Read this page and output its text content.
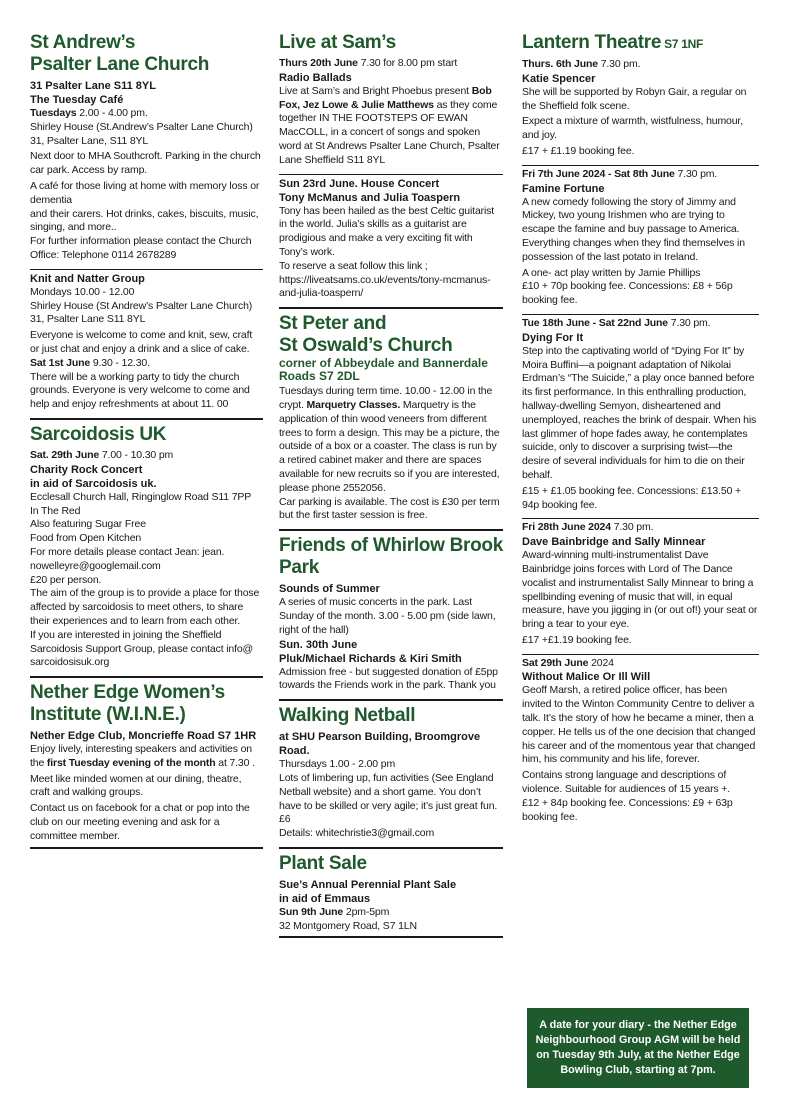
St Andrew’s
Psalter Lane Church
31 Psalter Lane S11 8YL
The Tuesday Café
Tuesdays 2.00 - 4.00 pm.
Shirley House (St.Andrew’s Psalter Lane Church) 31, Psalter Lane, S11 8YL
Next door to MHA Southcroft. Parking in the church car park. Access by ramp.
A café for those living at home with memory loss or dementia
and their carers. Hot drinks, cakes, biscuits, music, singing, and more..
For further information please contact the Church Office: Telephone 0114 2678289
Knit and Natter Group
Mondays 10.00 - 12.00
Shirley House (St Andrew’s Psalter Lane Church) 31, Psalter Lane S11 8YL
Everyone is welcome to come and knit, sew, craft or just chat and enjoy a drink and a slice of cake.
Sat 1st June 9.30 - 12.30.
There will be a working party to tidy the church grounds. Everyone is very welcome to come and help and enjoy refreshments at about 11. 00
Sarcoidosis UK
Sat. 29th June 7.00 - 10.30 pm
Charity Rock Concert
in aid of Sarcoidosis uk.
Ecclesall Church Hall, Ringinglow Road S11 7PP
In The Red
Also featuring Sugar Free
Food from Open Kitchen
For more details please contact Jean: jean. nowelleyre@googlemail.com
£20 per person.
The aim of the group is to provide a place for those affected by sarcoidosis to meet others, to share their experiences and to learn from each other.
If you are interested in joining the Sheffield Sarcoidosis Support Group, please contact info@ sarcoidosisuk.org
Nether Edge Women’s
Institute (W.I.N.E.)
Nether Edge Club, Moncrieffe Road S7 1HR
Enjoy lively, interesting speakers and activities on the first Tuesday evening of the month at 7.30 .
Meet like minded women at our dining, theatre, craft and walking groups.
Contact us on facebook for a chat or pop into the club on our meeting evening and ask for a committee member.
Live at Sam’s
Thurs 20th June 7.30 for 8.00 pm start
Radio Ballads
Live at Sam’s and Bright Phoebus present Bob Fox, Jez Lowe & Julie Matthews as they come together IN THE FOOTSTEPS OF EWAN MacCOLL, in a concert of songs and spoken word at St Andrews Psalter Lane Church, Psalter Lane Sheffield S11 8YL
Sun 23rd June. House Concert
Tony McManus and Julia Toaspern
Tony has been hailed as the best Celtic guitarist in the world. Julia’s skills as a guitarist are prodigious and make a very exciting fit with Tony’s work.
To reserve a seat follow this link ; https://liveatsams.co.uk/events/tony-mcmanus-and-julia-toaspern/
St Peter and
St Oswald’s Church
corner of Abbeydale and Bannerdale Roads S7 2DL
Tuesdays during term time. 10.00 - 12.00 in the crypt. Marquetry Classes. Marquetry is the application of thin wood veneers from different trees to form a design. This may be a picture, the outside of a box or a coaster. The class is run by a retired cabinet maker and there are spaces available for new recruits so if you are interested, please phone 2552056.
Car parking is available. The cost is £30 per term but the first taster session is free.
Friends of Whirlow Brook Park
Sounds of Summer
A series of music concerts in the park. Last Sunday of the month. 3.00 - 5.00 pm (side lawn, right of the hall)
Sun. 30th June
Pluk/Michael Richards & Kiri Smith
Admission free - but suggested donation of £5pp towards the Friends work in the park. Thank you
Walking Netball
at SHU Pearson Building, Broomgrove Road.
Thursdays 1.00 - 2.00 pm
Lots of limbering up, fun activities (See England Netball website) and a short game. You don’t have to be skilled or very agile; it’s just great fun. £6
Details: whitechristie3@gmail.com
Plant Sale
Sue’s Annual Perennial Plant Sale
in aid of Emmaus
Sun 9th June 2pm-5pm
32 Montgomery Road, S7 1LN
Lantern Theatre S7 1NF
Thurs. 6th June 7.30 pm.
Katie Spencer
She will be supported by Robyn Gair, a regular on the Sheffield folk scene.
Expect a mixture of warmth, wistfulness, humour, and joy.
£17 + £1.19 booking fee.
Fri 7th June 2024 - Sat 8th June 7.30 pm.
Famine Fortune
A new comedy following the story of Jimmy and Mickey, two young Irishmen who are trying to escape the famine and buy passage to America. Everything changes when they find themselves in possession of the last potato in Ireland.
A one- act play written by Jamie Phillips
£10 + 70p booking fee. Concessions: £8 + 56p booking fee.
Tue 18th June - Sat 22nd June 7.30 pm.
Dying For It
Step into the captivating world of “Dying For It” by Moira Buffini—a poignant adaptation of Nikolai Erdman’s “The Suicide,” a play once banned before its first performance. In this enthralling production, hallway-dwelling Semyon, disheartened and unemployed, reaches the brink of despair. When his last glimmer of hope fades away, he contemplates suicide, only to discover a surprising twist—the desire of several individuals for him to die on their behalf.
£15 + £1.05 booking fee. Concessions: £13.50 + 94p booking fee.
Fri 28th June 2024 7.30 pm.
Dave Bainbridge and Sally Minnear
Award-winning multi-instrumentalist Dave Bainbridge joins forces with Lord of The Dance vocalist and instrumentalist Sally Minnear to bring a spellbinding evening of music that will, in equal measure, have you jigging in (or out of!) your seat or bring a tear to your eye.
£17 +£1.19 booking fee.
Sat 29th June 2024
Without Malice Or Ill Will
Geoff Marsh, a retired police officer, has been invited to the Winton Community Centre to deliver a talk. It’s the story of how he became a miner, then a copper. He tells us of the one decision that changed his career and of the momentous year that changed him, his community and his life, forever.
Contains strong language and descriptions of violence. Suitable for audiences of 15 years +.
£12 + 84p booking fee. Concessions: £9 + 63p booking fee.
A date for your diary - the Nether Edge Neighbourhood Group AGM will be held on Tuesday 9th July, at the Nether Edge Bowling Club, starting at 7pm.
